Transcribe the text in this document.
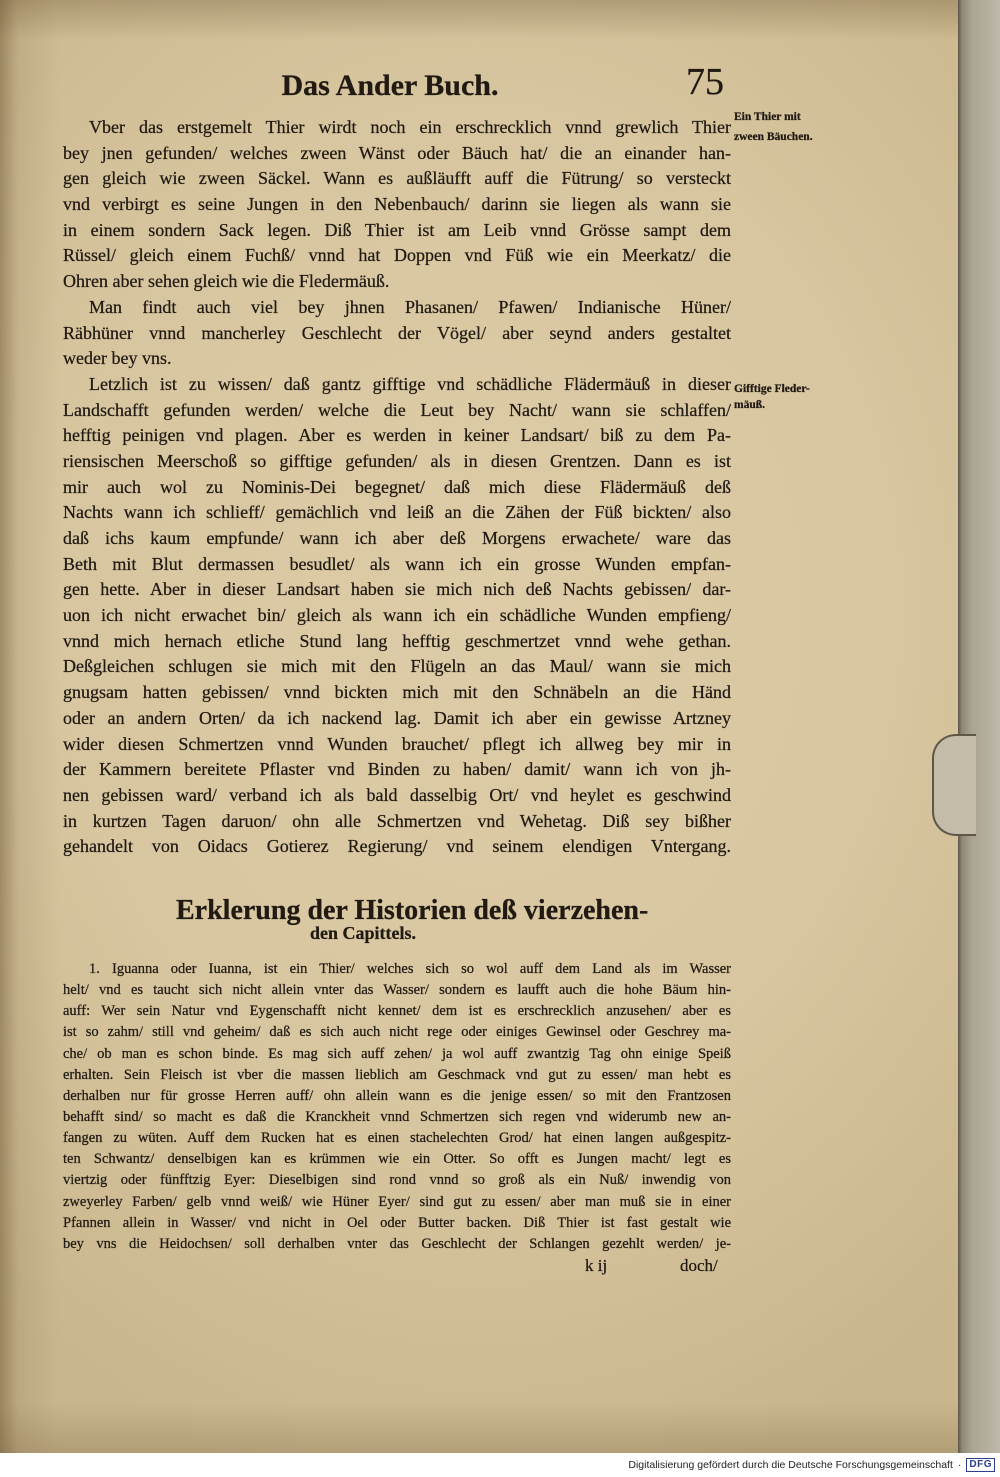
Das Ander Buch.	75
Ein Thier mit
zween Bäuchen.
Gifftige Fleder-
mäuß.
Vber das erstgemelt Thier wirdt noch ein erschrecklich vnnd grewlich Thier
bey jnen gefunden/ welches zween Wänst oder Bäuch hat/ die an einander han-
gen gleich wie zween Säckel. Wann es außläufft auff die Fütrung/ so versteckt
vnd verbirgt es seine Jungen in den Nebenbauch/ darinn sie liegen als wann sie
in einem sondern Sack legen. Diß Thier ist am Leib vnnd Grösse sampt dem
Rüssel/ gleich einem Fuchß/ vnnd hat Doppen vnd Füß wie ein Meerkatz/ die
Ohren aber sehen gleich wie die Fledermäuß.
Man findt auch viel bey jhnen Phasanen/ Pfawen/ Indianische Hüner/
Räbhüner vnnd mancherley Geschlecht der Vögel/ aber seynd anders gestaltet
weder bey vns.
Letzlich ist zu wissen/ daß gantz gifftige vnd schädliche Flädermäuß in dieser
Landschafft gefunden werden/ welche die Leut bey Nacht/ wann sie schlaffen/
hefftig peinigen vnd plagen. Aber es werden in keiner Landsart/ biß zu dem Pa-
riensischen Meerschoß so gifftige gefunden/ als in diesen Grentzen. Dann es ist
mir auch wol zu Nominis-Dei begegnet/ daß mich diese Flädermäuß deß
Nachts wann ich schlieff/ gemächlich vnd leiß an die Zähen der Füß bickten/ also
daß ichs kaum empfunde/ wann ich aber deß Morgens erwachete/ ware das
Beth mit Blut dermassen besudlet/ als wann ich ein grosse Wunden empfan-
gen hette. Aber in dieser Landsart haben sie mich nich deß Nachts gebissen/ dar-
uon ich nicht erwachet bin/ gleich als wann ich ein schädliche Wunden empfieng/
vnnd mich hernach etliche Stund lang hefftig geschmertzet vnnd wehe gethan.
Deßgleichen schlugen sie mich mit den Flügeln an das Maul/ wann sie mich
gnugsam hatten gebissen/ vnnd bickten mich mit den Schnäbeln an die Händ
oder an andern Orten/ da ich nackend lag. Damit ich aber ein gewisse Artzney
wider diesen Schmertzen vnnd Wunden brauchet/ pflegt ich allweg bey mir in
der Kammern bereitete Pflaster vnd Binden zu haben/ damit/ wann ich von jh-
nen gebissen ward/ verband ich als bald dasselbig Ort/ vnd heylet es geschwind
in kurtzen Tagen daruon/ ohn alle Schmertzen vnd Wehetag. Diß sey bißher
gehandelt von Oidacs Gotierez Regierung/ vnd seinem elendigen Vntergang.
Erklerung der Historien deß vierzehen-
den Capittels.
1. Iguanna oder Iuanna, ist ein Thier/ welches sich so wol auff dem Land als im Wasser
helt/ vnd es taucht sich nicht allein vnter das Wasser/ sondern es laufft auch die hohe Bäum hin-
auff: Wer sein Natur vnd Eygenschafft nicht kennet/ dem ist es erschrecklich anzusehen/ aber es
ist so zahm/ still vnd geheim/ daß es sich auch nicht rege oder einiges Gewinsel oder Geschrey ma-
che/ ob man es schon binde. Es mag sich auff zehen/ ja wol auff zwantzig Tag ohn einige Speiß
erhalten. Sein Fleisch ist vber die massen lieblich am Geschmack vnd gut zu essen/ man hebt es
derhalben nur für grosse Herren auff/ ohn allein wann es die jenige essen/ so mit den Frantzosen
behafft sind/ so macht es daß die Kranckheit vnnd Schmertzen sich regen vnd widerumb new an-
fangen zu wüten. Auff dem Rucken hat es einen stachelechten Grod/ hat einen langen außgespitz-
ten Schwantz/ denselbigen kan es krümmen wie ein Otter. So offt es Jungen macht/ legt es
viertzig oder fünfftzig Eyer: Dieselbigen sind rond vnnd so groß als ein Nuß/ inwendig von
zweyerley Farben/ gelb vnnd weiß/ wie Hüner Eyer/ sind gut zu essen/ aber man muß sie in einer
Pfannen allein in Wasser/ vnd nicht in Oel oder Butter backen. Diß Thier ist fast gestalt wie
bey vns die Heidochsen/ soll derhalben vnter das Geschlecht der Schlangen gezehlt werden/ je-
k ij	doch/
Digitalisierung gefördert durch die Deutsche Forschungsgemeinschaft · DFG
